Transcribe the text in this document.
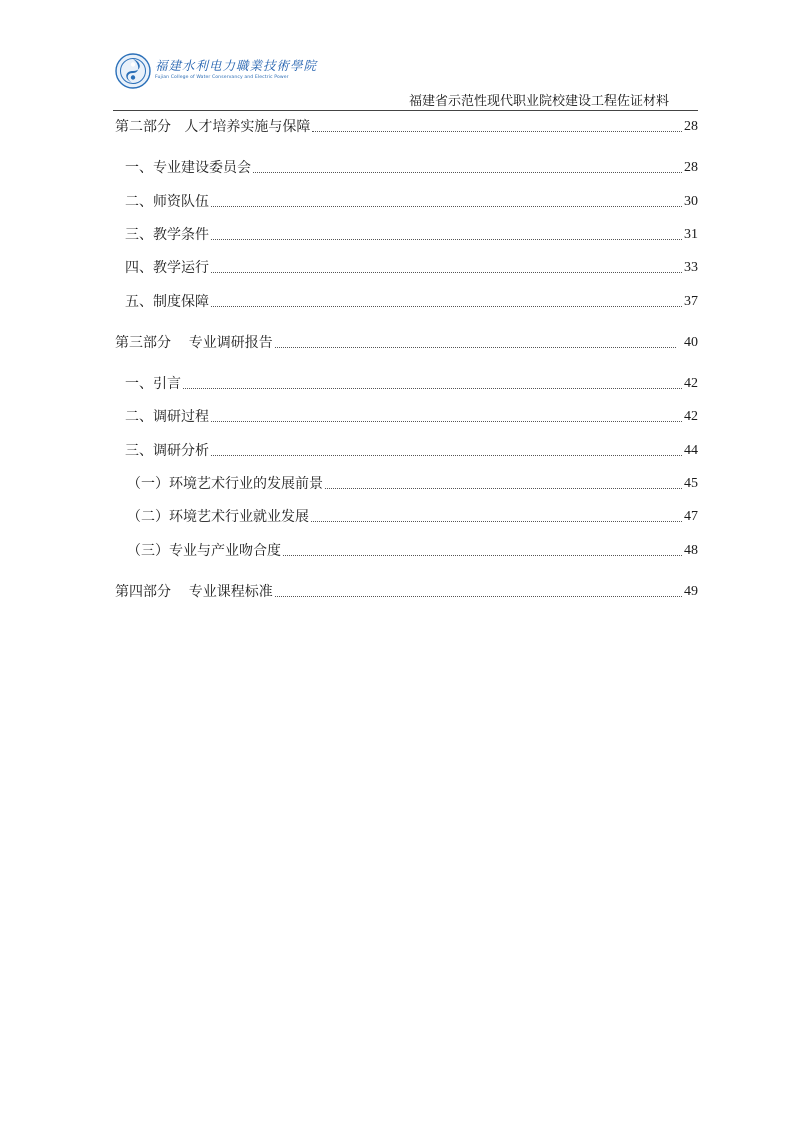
福建水利电力職業技術學院
Fujian College of Water Conservancy and Electric Power
福建省示范性现代职业院校建设工程佐证材料
第二部分   人才培养实施与保障	28
一、专业建设委员会	28
二、师资队伍	30
三、教学条件	31
四、教学运行	33
五、制度保障	37
第三部分    专业调研报告	40
一、引言	42
二、调研过程	42
三、调研分析	44
（一）环境艺术行业的发展前景	45
（二）环境艺术行业就业发展	47
（三）专业与产业吻合度	48
第四部分    专业课程标准	49
